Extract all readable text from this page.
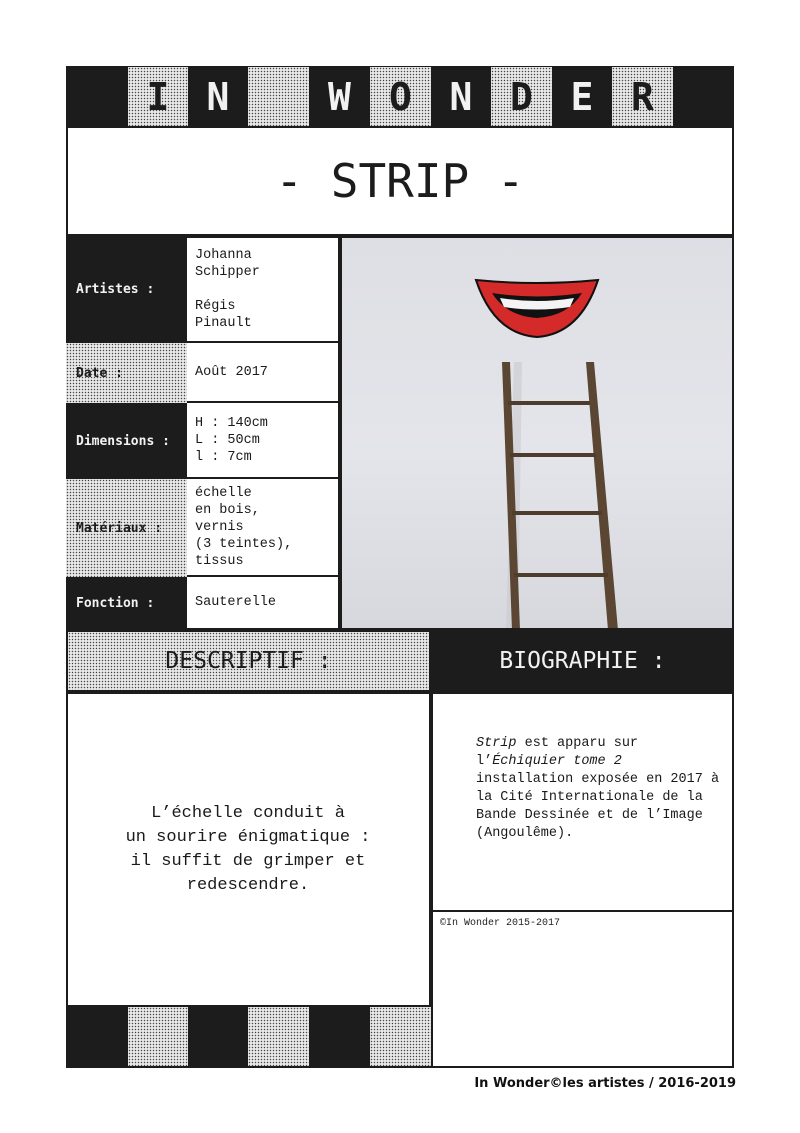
I N	W	O N D E R
- STRIP -
Artistes :
Johanna
Schipper
Régis
Pinault
Date :	Août 2017
Dimensions :
H : 140cm
L : 50cm
l : 7cm
Matériaux :
échelle
en bois,
vernis
(3 teintes),
tissus
Fonction :	Sauterelle
DESCRIPTIF :	BIOGRAPHIE :
L’échelle conduit à
un sourire énigmatique :
il suffit de grimper et
redescendre.
Strip est apparu sur l’Échiquier tome 2 installation exposée en 2017 à la Cité Internationale de la Bande Dessinée et de l’Image (Angoulême).
©In Wonder 2015-2017
In Wonder©les artistes / 2016-2019
